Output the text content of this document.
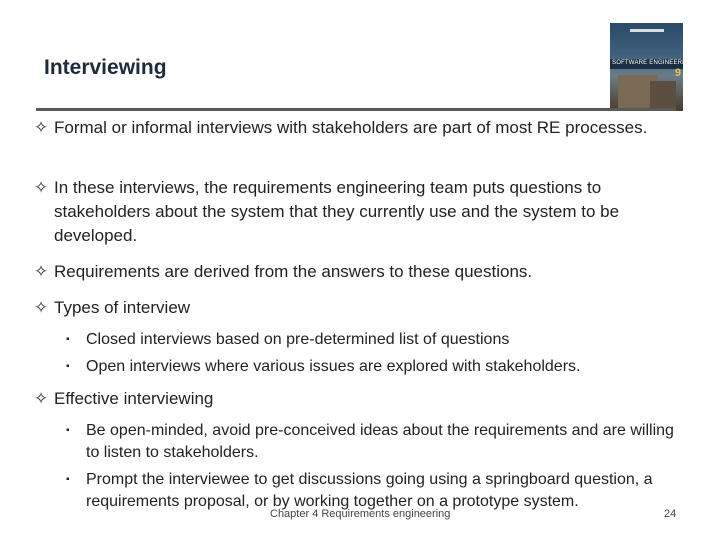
Interviewing	SOFTWARE ENGINEERING
9
✧ Formal or informal interviews with stakeholders are part of most RE processes.
✧ In these interviews, the requirements engineering team puts questions to stakeholders about the system that they currently use and the system to be developed.
✧ Requirements are derived from the answers to these questions.
✧ Types of interview
▪ Closed interviews based on pre-determined list of questions
▪ Open interviews where various issues are explored with stakeholders.
✧ Effective interviewing
▪ Be open-minded, avoid pre-conceived ideas about the requirements and are willing to listen to stakeholders.
▪ Prompt the interviewee to get discussions going using a springboard question, a requirements proposal, or by working together on a prototype system.
Chapter 4 Requirements engineering	24
